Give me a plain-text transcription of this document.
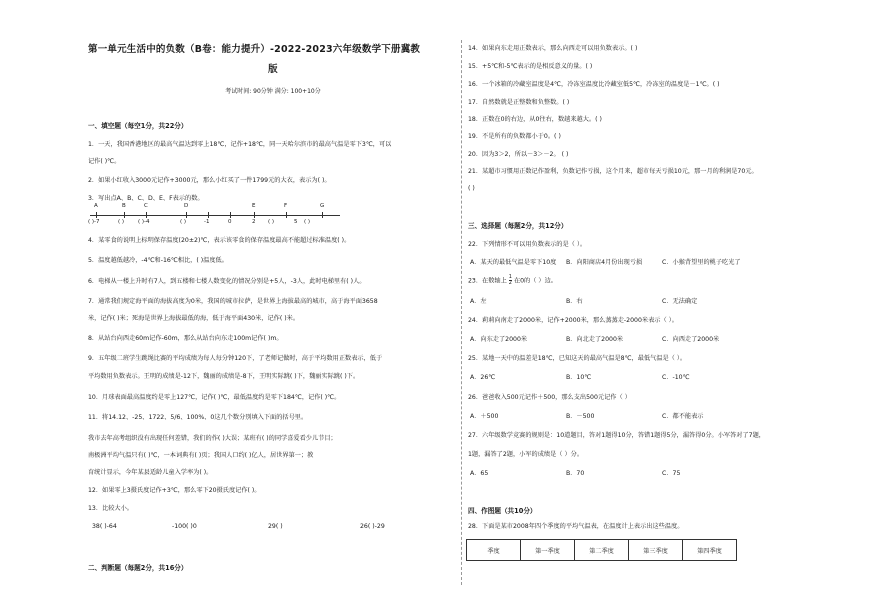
第一单元生活中的负数（B卷：能力提升）-2022-2023六年级数学下册冀教
版
考试时间: 90分钟 满分: 100+10分
一、填空题（每空1分，共22分）
1．一天，我国香港地区的最高气温达到零上18℃，记作+18℃，同一天哈尔滨市的最高气温是零下3℃，可以
记作( )℃。
2．如果小红收入3000元记作+3000元，那么小红买了一件1799元的大衣，表示为( )。
3．写出点A、B、C、D、E、F表示的数。
A	B	C	D	E	F	G
( )-7	( )	( )-4	( )	-1	0	2 ( )	5 ( )
4．某零食的说明上标明保存温度(20±2)℃，表示该零食的保存温度最高不能超过标准温度( )。
5．温度越低越冷，-4℃和-16℃相比，( )温度低。
6．电梯从一楼上升时有7人，到五楼和七楼人数变化的情况分别是+5人，-3人，此时电梯里有( )人。
7．通常我们规定海平面的海拔高度为0米，我国的城市拉萨，是世界上海拔最高的城市，高于海平面3658
米，记作( )米；死海是世界上海拔最低的海，低于海平面430米，记作( )米。
8．从站台向西走60m记作-60m，那么从站台向东走100m记作( )m。
9．五年级二班学生跳绳比赛的平均成绩为每人每分钟120下，了老师记做时，高于平均数用正数表示，低于
平均数用负数表示。王明的成绩是-12下，魏丽的成绩是-8下，王明实际跳( )下，魏丽实际跳( )下。
10．月球表面最高温度约是零上127℃，记作( )℃，最低温度约是零下184℃，记作( )℃。
11．将14.12、-25、1722、5/6、100%、0这几个数分别填入下面的括号里。
我市去年高考组织没有出现任何差错，我们的作( )大误；某班有( )的同学喜爱看少儿节目；
南极洲平均气温只有( )℃，一本词典有( )页；我国人口约( )亿人，居世界第一；教
育统计显示，今年某县适龄儿童入学率为( )。
12．如果零上3摄氏度记作+3℃，那么零下20摄氏度记作( )。
13．比较大小。
38( )-64	-100( )0	29( )	26( )-29
二、判断题（每题2分，共16分）
14．如果向东走用正数表示，那么向西走可以用负数表示。( )
15．+5℃和-5℃表示的是相反意义的量。( )
16．一个冰箱的冷藏室温度是4℃，冷冻室温度比冷藏室低5℃，冷冻室的温度是－1℃。( )
17．自然数就是正整数和负整数。( )
18．正数在0的右边，从0往右，数越来越大。( )
19．不是所有的负数都小于0。( )
20．因为3＞2，所以－3＞－2。 ( )
21．某超市习惯用正数记作盈利，负数记作亏损，这个月来，超市每天亏损10元，那一月的利润是70元。
( )
三、选择题（每题2分，共12分）
22．下列情形不可以用负数表示的是（ ）。
A．某天的最低气温是零下10度 B．向阳商店4月份出现亏损	C．小猴背望里的桃子吃光了
23．在数轴上 $\frac{1}{2}$ 在0的（ ）边。
A．左	B．右	C．无法确定
24．莉莉向南走了2000米，记作+2000米，那么蒸蒸走-2000米表示（ ）。
A．向东走了2000米	B．向北走了2000米	C．向西走了2000米
25．某地一天中的温差是18℃，已知这天的最高气温是8℃，最低气温是（ ）。
A．26℃	B．10℃	C．-10℃
26．爸爸收入500元记作＋500，那么支出500元记作（ ）
A．＋500	B．－500	C．都不能表示
27．六年级数学竞赛的规则是：10道题目，答对1题得10分，答错1题得5分，漏答得0分。小军答对了7题，
1题，漏答了2题，小军的成绩是（ ）分。
A．65	B．70	C．75
四、作图题（共10分）
28．下面是某市2008年四个季度的平均气温表，在温度计上表示出这些温度。
季度	第一季度	第二季度	第三季度	第四季度
